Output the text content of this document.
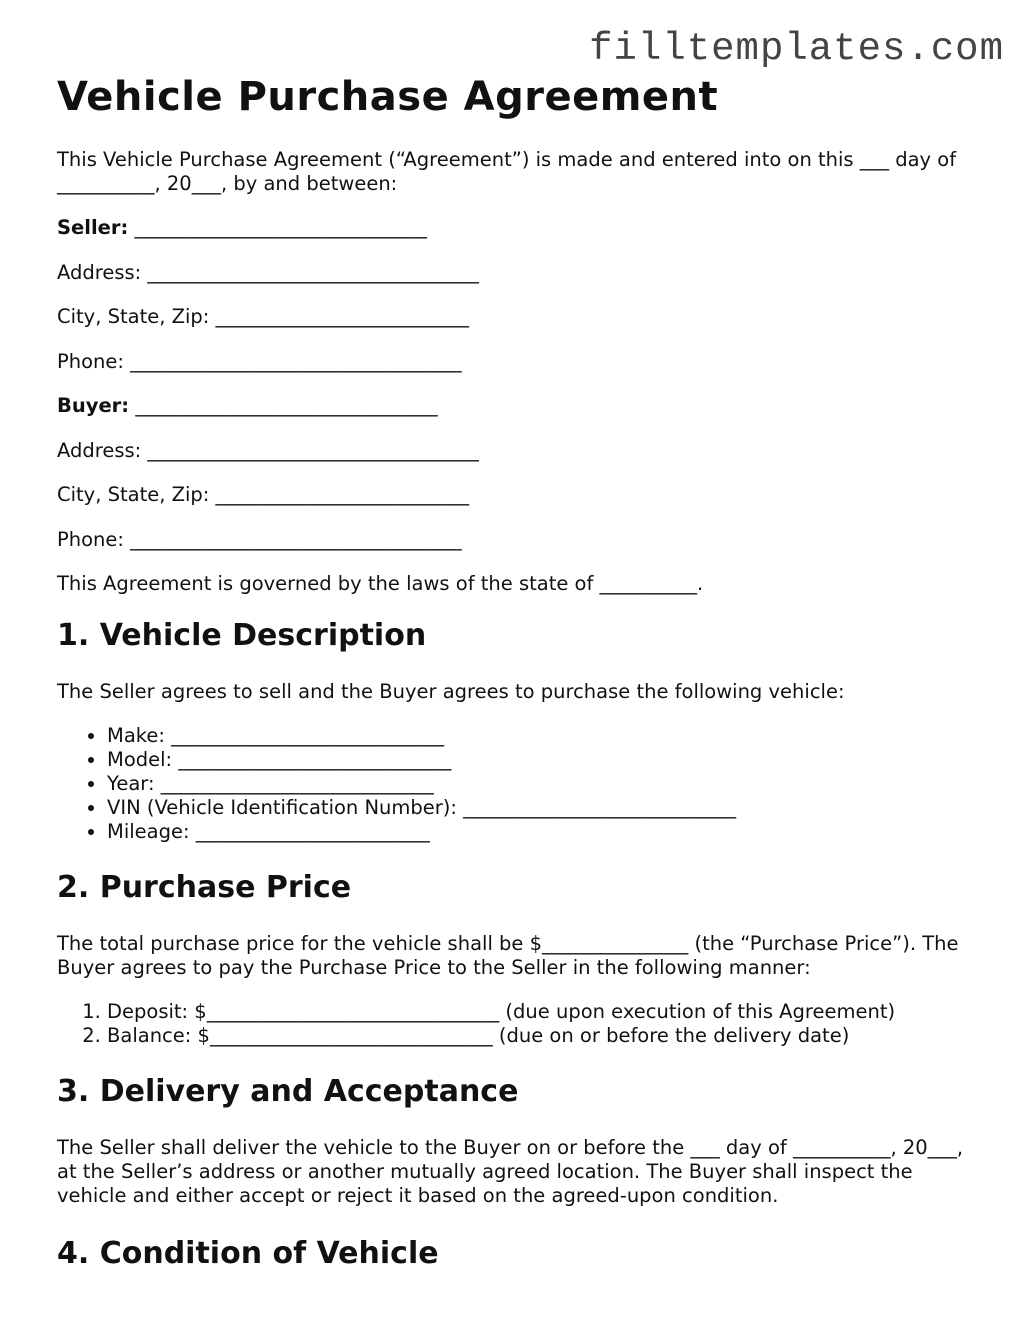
filltemplates.com
Vehicle Purchase Agreement

This Vehicle Purchase Agreement (“Agreement”) is made and entered into on this ___ day of __________, 20___, by and between:

Seller: ______________________________

Address: __________________________________

City, State, Zip: __________________________

Phone: __________________________________

Buyer: _______________________________

Address: __________________________________

City, State, Zip: __________________________

Phone: __________________________________

This Agreement is governed by the laws of the state of __________.

1. Vehicle Description

The Seller agrees to sell and the Buyer agrees to purchase the following vehicle:

• Make: ____________________________
• Model: ____________________________
• Year: ____________________________
• VIN (Vehicle Identification Number): ____________________________
• Mileage: ________________________
2. Purchase Price

The total purchase price for the vehicle shall be $_______________ (the “Purchase Price”). The Buyer agrees to pay the Purchase Price to the Seller in the following manner:

1. Deposit: $______________________________ (due upon execution of this Agreement)
2. Balance: $_____________________________ (due on or before the delivery date)
3. Delivery and Acceptance

The Seller shall deliver the vehicle to the Buyer on or before the ___ day of __________, 20___, at the Seller’s address or another mutually agreed location. The Buyer shall inspect the vehicle and either accept or reject it based on the agreed-upon condition.

4. Condition of Vehicle
